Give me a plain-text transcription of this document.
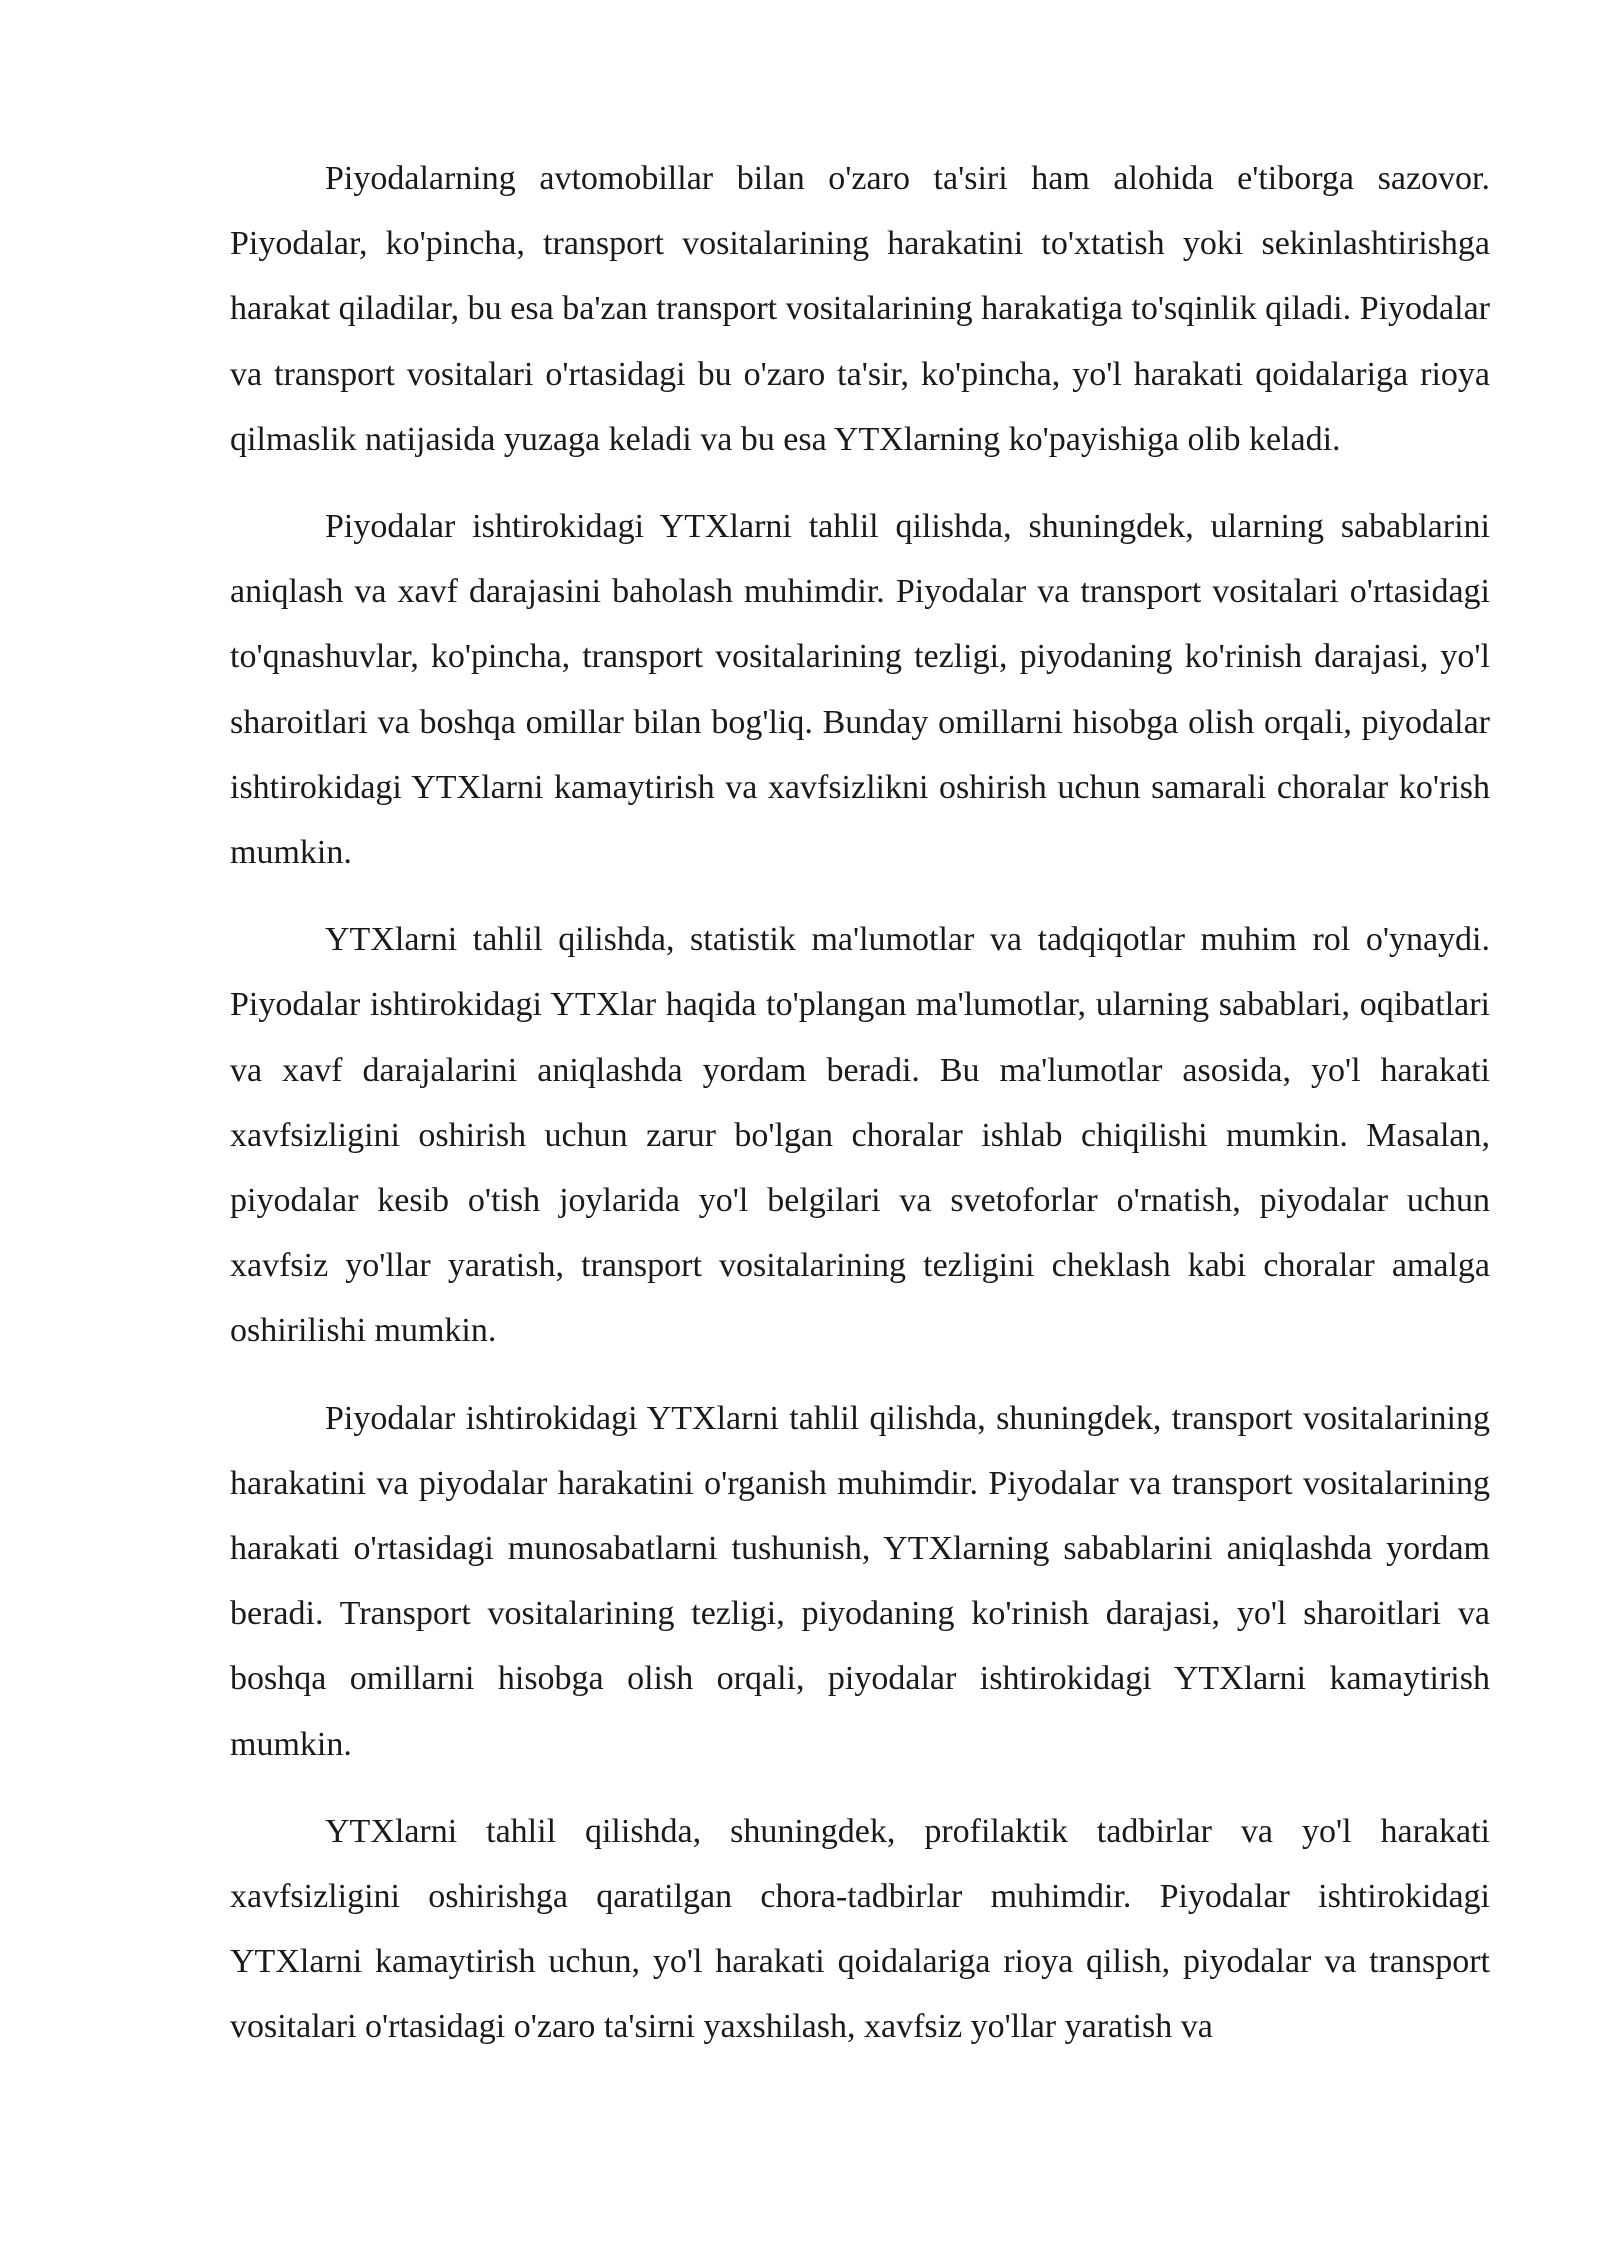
Piyodalarning avtomobillar bilan o'zaro ta'siri ham alohida e'tiborga sazovor. Piyodalar, ko'pincha, transport vositalarining harakatini to'xtatish yoki sekinlashtirishga harakat qiladilar, bu esa ba'zan transport vositalarining harakatiga to'sqinlik qiladi. Piyodalar va transport vositalari o'rtasidagi bu o'zaro ta'sir, ko'pincha, yo'l harakati qoidalariga rioya qilmaslik natijasida yuzaga keladi va bu esa YTXlarning ko'payishiga olib keladi.

Piyodalar ishtirokidagi YTXlarni tahlil qilishda, shuningdek, ularning sabablarini aniqlash va xavf darajasini baholash muhimdir. Piyodalar va transport vositalari o'rtasidagi to'qnashuvlar, ko'pincha, transport vositalarining tezligi, piyodaning ko'rinish darajasi, yo'l sharoitlari va boshqa omillar bilan bog'liq. Bunday omillarni hisobga olish orqali, piyodalar ishtirokidagi YTXlarni kamaytirish va xavfsizlikni oshirish uchun samarali choralar ko'rish mumkin.

YTXlarni tahlil qilishda, statistik ma'lumotlar va tadqiqotlar muhim rol o'ynaydi. Piyodalar ishtirokidagi YTXlar haqida to'plangan ma'lumotlar, ularning sabablari, oqibatlari va xavf darajalarini aniqlashda yordam beradi. Bu ma'lumotlar asosida, yo'l harakati xavfsizligini oshirish uchun zarur bo'lgan choralar ishlab chiqilishi mumkin. Masalan, piyodalar kesib o'tish joylarida yo'l belgilari va svetoforlar o'rnatish, piyodalar uchun xavfsiz yo'llar yaratish, transport vositalarining tezligini cheklash kabi choralar amalga oshirilishi mumkin.

Piyodalar ishtirokidagi YTXlarni tahlil qilishda, shuningdek, transport vositalarining harakatini va piyodalar harakatini o'rganish muhimdir. Piyodalar va transport vositalarining harakati o'rtasidagi munosabatlarni tushunish, YTXlarning sabablarini aniqlashda yordam beradi. Transport vositalarining tezligi, piyodaning ko'rinish darajasi, yo'l sharoitlari va boshqa omillarni hisobga olish orqali, piyodalar ishtirokidagi YTXlarni kamaytirish mumkin.

YTXlarni tahlil qilishda, shuningdek, profilaktik tadbirlar va yo'l harakati xavfsizligini oshirishga qaratilgan chora-tadbirlar muhimdir. Piyodalar ishtirokidagi YTXlarni kamaytirish uchun, yo'l harakati qoidalariga rioya qilish, piyodalar va transport vositalari o'rtasidagi o'zaro ta'sirni yaxshilash, xavfsiz yo'llar yaratish va
